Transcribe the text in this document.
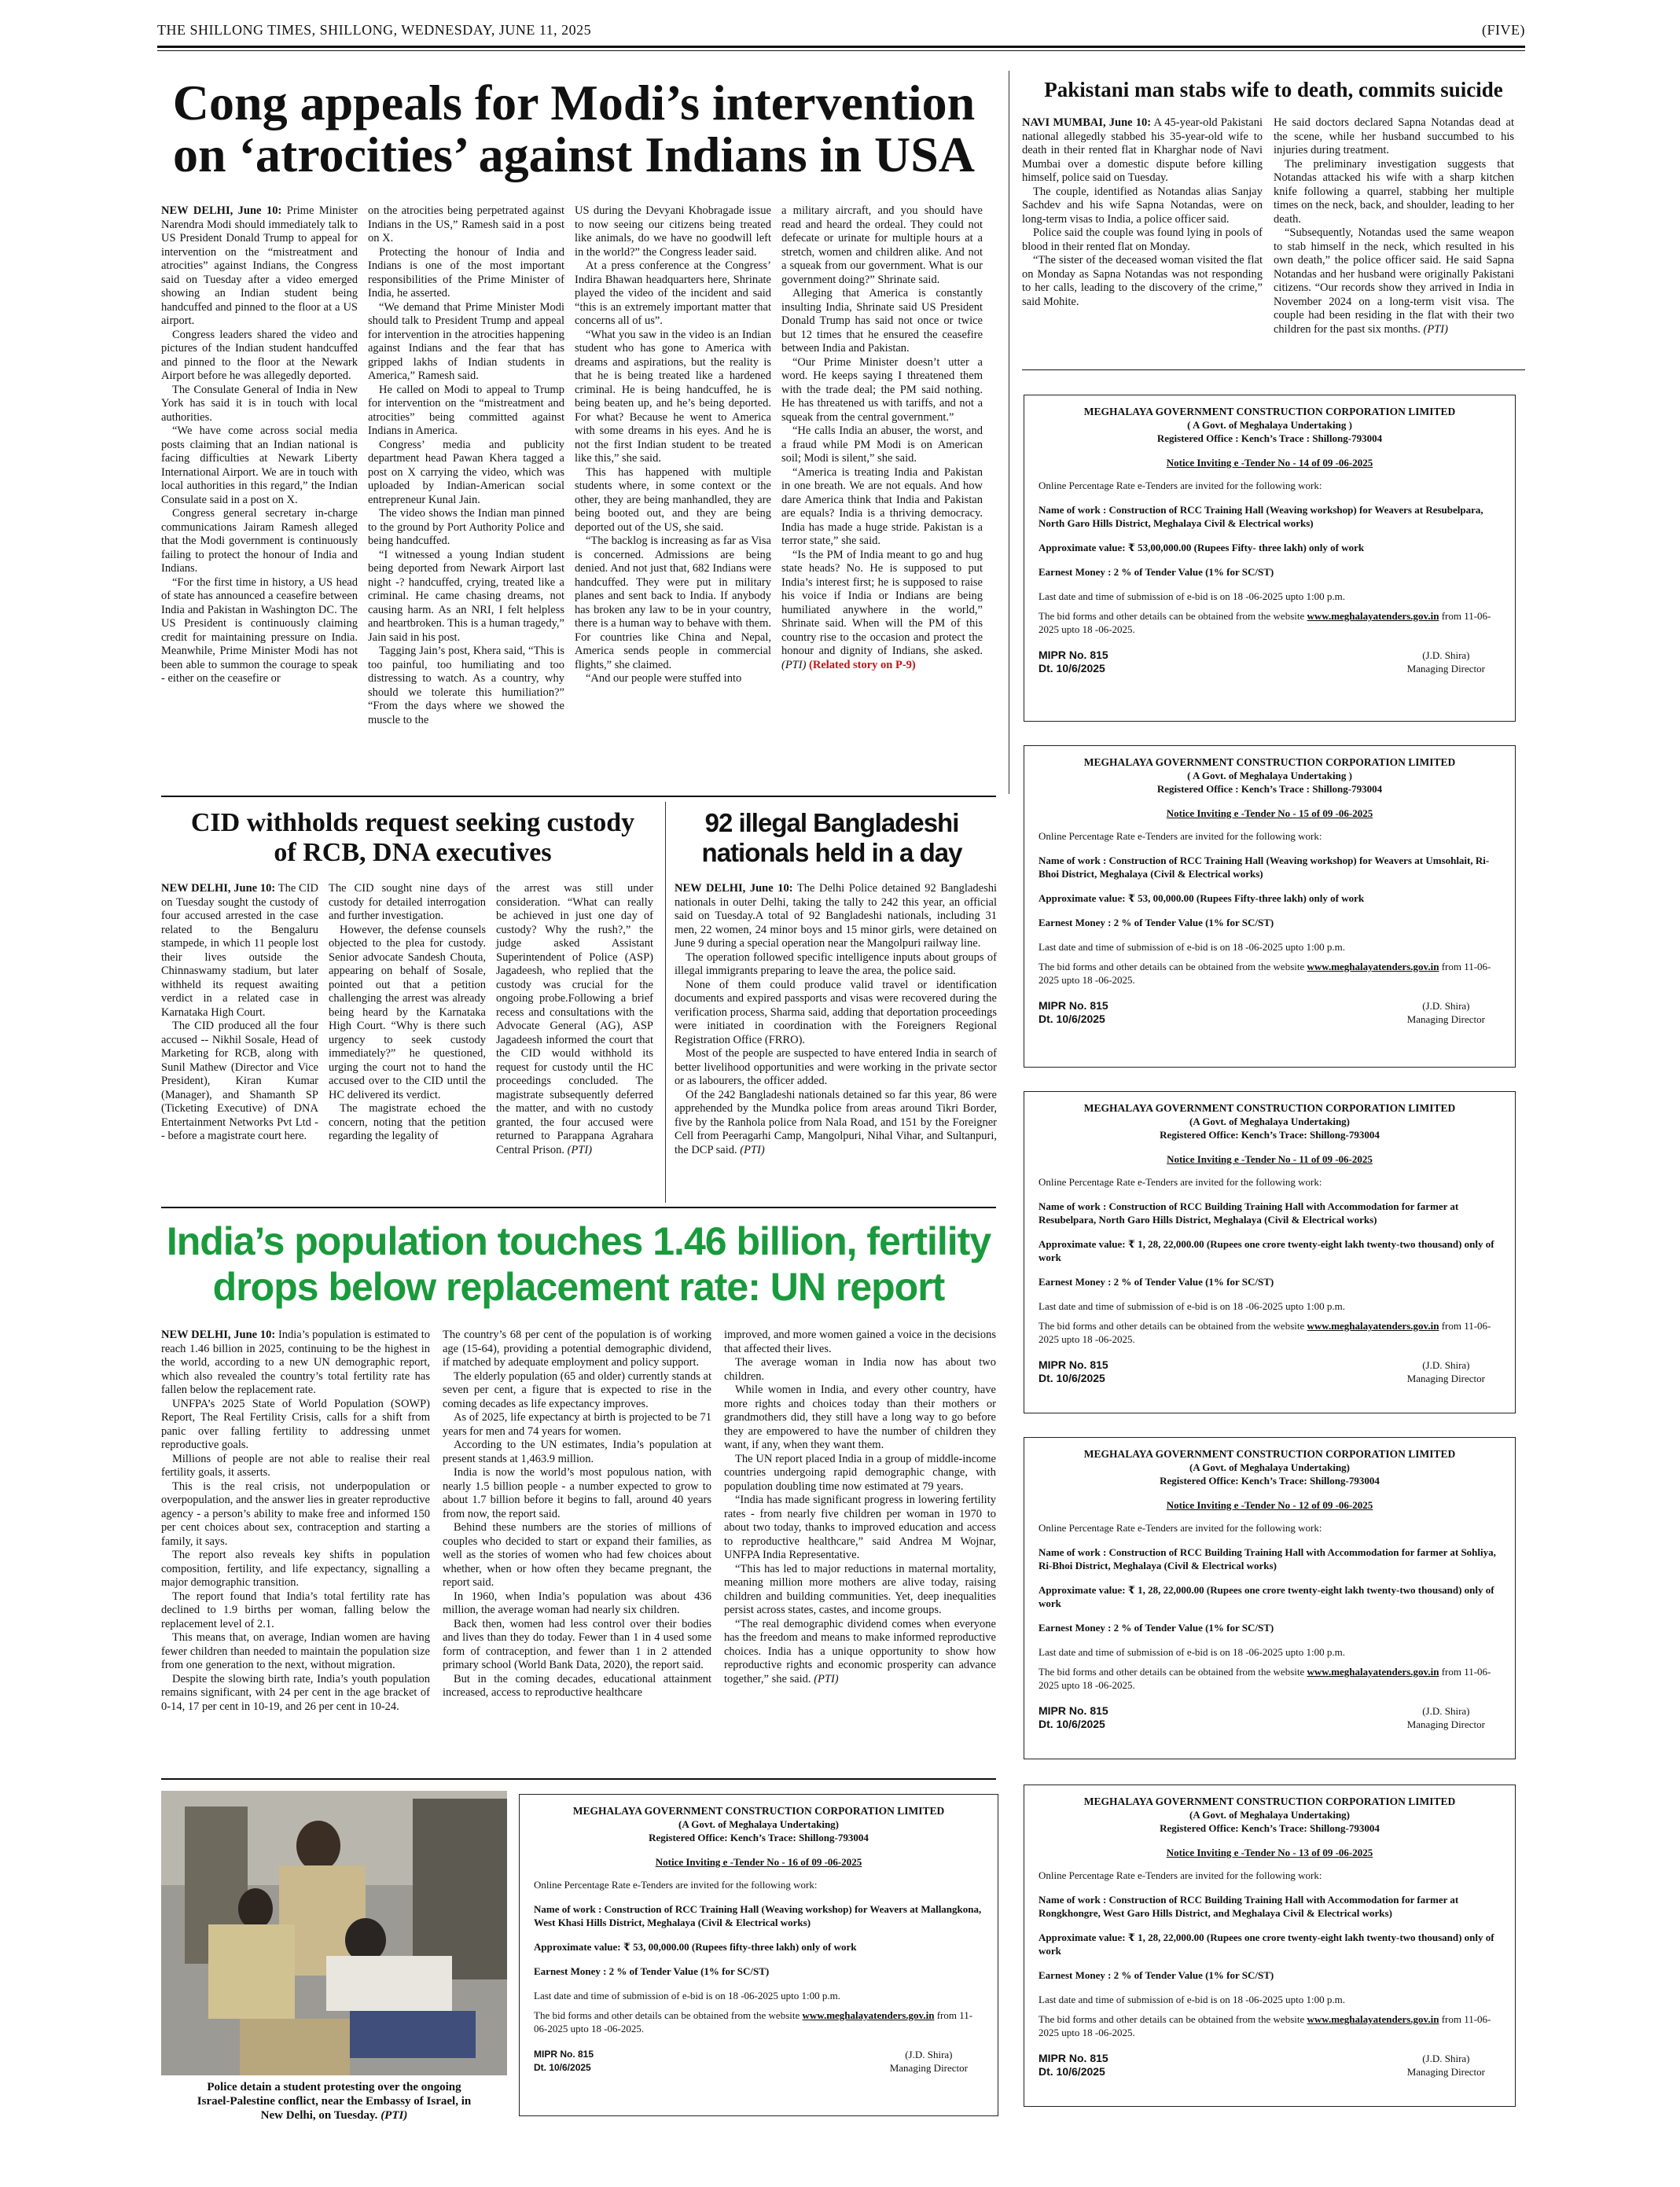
THE SHILLONG TIMES, SHILLONG, WEDNESDAY, JUNE 11, 2025	(FIVE)
Cong appeals for Modi’s intervention
on ‘atrocities’ against Indians in USA

NEW DELHI, June 10: Prime Minister Narendra Modi should immediately talk to US President Donald Trump to appeal for intervention on the “mistreatment and atrocities” against Indians, the Congress said on Tuesday after a video emerged showing an Indian student being handcuffed and pinned to the floor at a US airport.

Congress leaders shared the video and pictures of the Indian student handcuffed and pinned to the floor at the Newark Airport before he was allegedly deported.

The Consulate General of India in New York has said it is in touch with local authorities.

“We have come across social media posts claiming that an Indian national is facing difficulties at Newark Liberty International Airport. We are in touch with local authorities in this regard,” the Indian Consulate said in a post on X.

Congress general secretary in-charge communications Jairam Ramesh alleged that the Modi government is continuously failing to protect the honour of India and Indians.

“For the first time in history, a US head of state has announced a ceasefire between India and Pakistan in Washington DC. The US President is continuously claiming credit for maintaining pressure on India. Meanwhile, Prime Minister Modi has not been able to summon the courage to speak - either on the ceasefire or

on the atrocities being perpetrated against Indians in the US,” Ramesh said in a post on X.

Protecting the honour of India and Indians is one of the most important responsibilities of the Prime Minister of India, he asserted.

“We demand that Prime Minister Modi should talk to President Trump and appeal for intervention in the atrocities happening against Indians and the fear that has gripped lakhs of Indian students in America,” Ramesh said.

He called on Modi to appeal to Trump for intervention on the “mistreatment and atrocities” being committed against Indians in America.

Congress’ media and publicity department head Pawan Khera tagged a post on X carrying the video, which was uploaded by Indian-American social entrepreneur Kunal Jain.

The video shows the Indian man pinned to the ground by Port Authority Police and being handcuffed.

“I witnessed a young Indian student being deported from Newark Airport last night -? handcuffed, crying, treated like a criminal. He came chasing dreams, not causing harm. As an NRI, I felt helpless and heartbroken. This is a human tragedy,” Jain said in his post.

Tagging Jain’s post, Khera said, “This is too painful, too humiliating and too distressing to watch. As a country, why should we tolerate this humiliation?” “From the days where we showed the muscle to the

US during the Devyani Khobragade issue to now seeing our citizens being treated like animals, do we have no goodwill left in the world?” the Congress leader said.

At a press conference at the Congress’ Indira Bhawan headquarters here, Shrinate played the video of the incident and said “this is an extremely important matter that concerns all of us”.

“What you saw in the video is an Indian student who has gone to America with dreams and aspirations, but the reality is that he is being treated like a hardened criminal. He is being handcuffed, he is being beaten up, and he’s being deported. For what? Because he went to America with some dreams in his eyes. And he is not the first Indian student to be treated like this,” she said.

This has happened with multiple students where, in some context or the other, they are being manhandled, they are being booted out, and they are being deported out of the US, she said.

“The backlog is increasing as far as Visa is concerned. Admissions are being denied. And not just that, 682 Indians were handcuffed. They were put in military planes and sent back to India. If anybody has broken any law to be in your country, there is a human way to behave with them. For countries like China and Nepal, America sends people in commercial flights,” she claimed.

“And our people were stuffed into

a military aircraft, and you should have read and heard the ordeal. They could not defecate or urinate for multiple hours at a stretch, women and children alike. And not a squeak from our government. What is our government doing?” Shrinate said.

Alleging that America is constantly insulting India, Shrinate said US President Donald Trump has said not once or twice but 12 times that he ensured the ceasefire between India and Pakistan.

“Our Prime Minister doesn’t utter a word. He keeps saying I threatened them with the trade deal; the PM said nothing. He has threatened us with tariffs, and not a squeak from the central government.”

“He calls India an abuser, the worst, and a fraud while PM Modi is on American soil; Modi is silent,” she said.

“America is treating India and Pakistan in one breath. We are not equals. And how dare America think that India and Pakistan are equals? India is a thriving democracy. India has made a huge stride. Pakistan is a terror state,” she said.

“Is the PM of India meant to go and hug state heads? No. He is supposed to put India’s interest first; he is supposed to raise his voice if India or Indians are being humiliated anywhere in the world,” Shrinate said. When will the PM of this country rise to the occasion and protect the honour and dignity of Indians, she asked. (PTI) (Related story on P-9)

Pakistani man stabs wife to death, commits suicide

NAVI MUMBAI, June 10: A 45-year-old Pakistani national allegedly stabbed his 35-year-old wife to death in their rented flat in Kharghar node of Navi Mumbai over a domestic dispute before killing himself, police said on Tuesday.

The couple, identified as Notandas alias Sanjay Sachdev and his wife Sapna Notandas, were on long-term visas to India, a police officer said.

Police said the couple was found lying in pools of blood in their rented flat on Monday.

“The sister of the deceased woman visited the flat on Monday as Sapna Notandas was not responding to her calls, leading to the discovery of the crime,” said Mohite.

He said doctors declared Sapna Notandas dead at the scene, while her husband succumbed to his injuries during treatment.

The preliminary investigation suggests that Notandas attacked his wife with a sharp kitchen knife following a quarrel, stabbing her multiple times on the neck, back, and shoulder, leading to her death.

“Subsequently, Notandas used the same weapon to stab himself in the neck, which resulted in his own death,” the police officer said. He said Sapna Notandas and her husband were originally Pakistani citizens. “Our records show they arrived in India in November 2024 on a long-term visit visa. The couple had been residing in the flat with their two children for the past six months. (PTI)

MEGHALAYA GOVERNMENT CONSTRUCTION CORPORATION LIMITED
( A Govt. of Meghalaya Undertaking )
Registered Office : Kench’s Trace : Shillong-793004
Notice Inviting e -Tender No - 14 of 09 -06-2025
Online Percentage Rate e-Tenders are invited for the following work:
Name of work : Construction of RCC Training Hall (Weaving workshop) for Weavers at Resubelpara, North Garo Hills District, Meghalaya Civil & Electrical works)
Approximate value: ₹ 53,00,000.00 (Rupees Fifty- three lakh) only of work
Earnest Money : 2 % of Tender Value (1% for SC/ST)
Last date and time of submission of e-bid is on 18 -06-2025 upto 1:00 p.m.
The bid forms and other details can be obtained from the website www.meghalayatenders.gov.in from 11-06-2025 upto 18 -06-2025.
MIPR No. 815
Dt. 10/6/2025
(J.D. Shira)
Managing Director
MEGHALAYA GOVERNMENT CONSTRUCTION CORPORATION LIMITED
( A Govt. of Meghalaya Undertaking )
Registered Office : Kench’s Trace : Shillong-793004
Notice Inviting e -Tender No - 15 of 09 -06-2025
Online Percentage Rate e-Tenders are invited for the following work:
Name of work : Construction of RCC Training Hall (Weaving workshop) for Weavers at Umsohlait, Ri-Bhoi District, Meghalaya (Civil & Electrical works)
Approximate value: ₹ 53, 00,000.00 (Rupees Fifty-three lakh) only of work
Earnest Money : 2 % of Tender Value (1% for SC/ST)
Last date and time of submission of e-bid is on 18 -06-2025 upto 1:00 p.m.
The bid forms and other details can be obtained from the website www.meghalayatenders.gov.in from 11-06-2025 upto 18 -06-2025.
MIPR No. 815
Dt. 10/6/2025
(J.D. Shira)
Managing Director
MEGHALAYA GOVERNMENT CONSTRUCTION CORPORATION LIMITED
(A Govt. of Meghalaya Undertaking)
Registered Office: Kench’s Trace: Shillong-793004
Notice Inviting e -Tender No - 11 of 09 -06-2025
Online Percentage Rate e-Tenders are invited for the following work:
Name of work : Construction of RCC Building Training Hall with Accommodation for farmer at Resubelpara, North Garo Hills District, Meghalaya (Civil & Electrical works)
Approximate value: ₹ 1, 28, 22,000.00 (Rupees one crore twenty-eight lakh twenty-two thousand) only of work
Earnest Money : 2 % of Tender Value (1% for SC/ST)
Last date and time of submission of e-bid is on 18 -06-2025 upto 1:00 p.m.
The bid forms and other details can be obtained from the website www.meghalayatenders.gov.in from 11-06-2025 upto 18 -06-2025.
MIPR No. 815
Dt. 10/6/2025
(J.D. Shira)
Managing Director
MEGHALAYA GOVERNMENT CONSTRUCTION CORPORATION LIMITED
(A Govt. of Meghalaya Undertaking)
Registered Office: Kench’s Trace: Shillong-793004
Notice Inviting e -Tender No - 12 of 09 -06-2025
Online Percentage Rate e-Tenders are invited for the following work:
Name of work : Construction of RCC Building Training Hall with Accommodation for farmer at Sohliya, Ri-Bhoi District, Meghalaya (Civil & Electrical works)
Approximate value: ₹ 1, 28, 22,000.00 (Rupees one crore twenty-eight lakh twenty-two thousand) only of work
Earnest Money : 2 % of Tender Value (1% for SC/ST)
Last date and time of submission of e-bid is on 18 -06-2025 upto 1:00 p.m.
The bid forms and other details can be obtained from the website www.meghalayatenders.gov.in from 11-06-2025 upto 18 -06-2025.
MIPR No. 815
Dt. 10/6/2025
(J.D. Shira)
Managing Director
MEGHALAYA GOVERNMENT CONSTRUCTION CORPORATION LIMITED
(A Govt. of Meghalaya Undertaking)
Registered Office: Kench’s Trace: Shillong-793004
Notice Inviting e -Tender No - 13 of 09 -06-2025
Online Percentage Rate e-Tenders are invited for the following work:
Name of work : Construction of RCC Building Training Hall with Accommodation for farmer at Rongkhongre, West Garo Hills District, and Meghalaya Civil & Electrical works)
Approximate value: ₹ 1, 28, 22,000.00 (Rupees one crore twenty-eight lakh twenty-two thousand) only of work
Earnest Money : 2 % of Tender Value (1% for SC/ST)
Last date and time of submission of e-bid is on 18 -06-2025 upto 1:00 p.m.
The bid forms and other details can be obtained from the website www.meghalayatenders.gov.in from 11-06-2025 upto 18 -06-2025.
MIPR No. 815
Dt. 10/6/2025
(J.D. Shira)
Managing Director
CID withholds request seeking custody
of RCB, DNA executives

NEW DELHI, June 10: The CID on Tuesday sought the custody of four accused arrested in the case related to the Bengaluru stampede, in which 11 people lost their lives outside the Chinnaswamy stadium, but later withheld its request awaiting verdict in a related case in Karnataka High Court.

The CID produced all the four accused -- Nikhil Sosale, Head of Marketing for RCB, along with Sunil Mathew (Director and Vice President), Kiran Kumar (Manager), and Shamanth SP (Ticketing Executive) of DNA Entertainment Networks Pvt Ltd -- before a magistrate court here.

The CID sought nine days of custody for detailed interrogation and further investigation.

However, the defense counsels objected to the plea for custody. Senior advocate Sandesh Chouta, appearing on behalf of Sosale, pointed out that a petition challenging the arrest was already being heard by the Karnataka High Court. “Why is there such urgency to seek custody immediately?” he questioned, urging the court not to hand the accused over to the CID until the HC delivered its verdict.

The magistrate echoed the concern, noting that the petition regarding the legality of

the arrest was still under consideration. “What can really be achieved in just one day of custody? Why the rush?,” the judge asked Assistant Superintendent of Police (ASP) Jagadeesh, who replied that the custody was crucial for the ongoing probe.Following a brief recess and consultations with the Advocate General (AG), ASP Jagadeesh informed the court that the CID would withhold its request for custody until the HC proceedings concluded. The magistrate subsequently deferred the matter, and with no custody granted, the four accused were returned to Parappana Agrahara Central Prison. (PTI)

92 illegal Bangladeshi
nationals held in a day

NEW DELHI, June 10: The Delhi Police detained 92 Bangladeshi nationals in outer Delhi, taking the tally to 242 this year, an official said on Tuesday.A total of 92 Bangladeshi nationals, including 31 men, 22 women, 24 minor boys and 15 minor girls, were detained on June 9 during a special operation near the Mangolpuri railway line.

The operation followed specific intelligence inputs about groups of illegal immigrants preparing to leave the area, the police said.

None of them could produce valid travel or identification documents and expired passports and visas were recovered during the verification process, Sharma said, adding that deportation proceedings were initiated in coordination with the Foreigners Regional Registration Office (FRRO).

Most of the people are suspected to have entered India in search of better livelihood opportunities and were working in the private sector or as labourers, the officer added.

Of the 242 Bangladeshi nationals detained so far this year, 86 were apprehended by the Mundka police from areas around Tikri Border, five by the Ranhola police from Nala Road, and 151 by the Foreigner Cell from Peeragarhi Camp, Mangolpuri, Nihal Vihar, and Sultanpuri, the DCP said. (PTI)

India’s population touches 1.46 billion, fertility
drops below replacement rate: UN report

NEW DELHI, June 10: India’s population is estimated to reach 1.46 billion in 2025, continuing to be the highest in the world, according to a new UN demographic report, which also revealed the country’s total fertility rate has fallen below the replacement rate.

UNFPA’s 2025 State of World Population (SOWP) Report, The Real Fertility Crisis, calls for a shift from panic over falling fertility to addressing unmet reproductive goals.

Millions of people are not able to realise their real fertility goals, it asserts.

This is the real crisis, not underpopulation or overpopulation, and the answer lies in greater reproductive agency - a person’s ability to make free and informed 150 per cent choices about sex, contraception and starting a family, it says.

The report also reveals key shifts in population composition, fertility, and life expectancy, signalling a major demographic transition.

The report found that India’s total fertility rate has declined to 1.9 births per woman, falling below the replacement level of 2.1.

This means that, on average, Indian women are having fewer children than needed to maintain the population size from one generation to the next, without migration.

Despite the slowing birth rate, India’s youth population remains significant, with 24 per cent in the age bracket of 0-14, 17 per cent in 10-19, and 26 per cent in 10-24.

The country’s 68 per cent of the population is of working age (15-64), providing a potential demographic dividend, if matched by adequate employment and policy support.

The elderly population (65 and older) currently stands at seven per cent, a figure that is expected to rise in the coming decades as life expectancy improves.

As of 2025, life expectancy at birth is projected to be 71 years for men and 74 years for women.

According to the UN estimates, India’s population at present stands at 1,463.9 million.

India is now the world’s most populous nation, with nearly 1.5 billion people - a number expected to grow to about 1.7 billion before it begins to fall, around 40 years from now, the report said.

Behind these numbers are the stories of millions of couples who decided to start or expand their families, as well as the stories of women who had few choices about whether, when or how often they became pregnant, the report said.

In 1960, when India’s population was about 436 million, the average woman had nearly six children.

Back then, women had less control over their bodies and lives than they do today. Fewer than 1 in 4 used some form of contraception, and fewer than 1 in 2 attended primary school (World Bank Data, 2020), the report said.

But in the coming decades, educational attainment increased, access to reproductive healthcare

improved, and more women gained a voice in the decisions that affected their lives.

The average woman in India now has about two children.

While women in India, and every other country, have more rights and choices today than their mothers or grandmothers did, they still have a long way to go before they are empowered to have the number of children they want, if any, when they want them.

The UN report placed India in a group of middle-income countries undergoing rapid demographic change, with population doubling time now estimated at 79 years.

“India has made significant progress in lowering fertility rates - from nearly five children per woman in 1970 to about two today, thanks to improved education and access to reproductive healthcare,” said Andrea M Wojnar, UNFPA India Representative.

“This has led to major reductions in maternal mortality, meaning million more mothers are alive today, raising children and building communities. Yet, deep inequalities persist across states, castes, and income groups.

“The real demographic dividend comes when everyone has the freedom and means to make informed reproductive choices. India has a unique opportunity to show how reproductive rights and economic prosperity can advance together,” she said. (PTI)

Police detain a student protesting over the ongoing
Israel-Palestine conflict, near the Embassy of Israel, in
New Delhi, on Tuesday. (PTI)
MEGHALAYA GOVERNMENT CONSTRUCTION CORPORATION LIMITED
(A Govt. of Meghalaya Undertaking)
Registered Office: Kench’s Trace: Shillong-793004
Notice Inviting e -Tender No - 16 of 09 -06-2025
Online Percentage Rate e-Tenders are invited for the following work:
Name of work : Construction of RCC Training Hall (Weaving workshop) for Weavers at Mallangkona, West Khasi Hills District, Meghalaya (Civil & Electrical works)
Approximate value: ₹ 53, 00,000.00 (Rupees fifty-three lakh) only of work
Earnest Money : 2 % of Tender Value (1% for SC/ST)
Last date and time of submission of e-bid is on 18 -06-2025 upto 1:00 p.m.
The bid forms and other details can be obtained from the website www.meghalayatenders.gov.in from 11-06-2025 upto 18 -06-2025.
MIPR No. 815
Dt. 10/6/2025
(J.D. Shira)
Managing Director
